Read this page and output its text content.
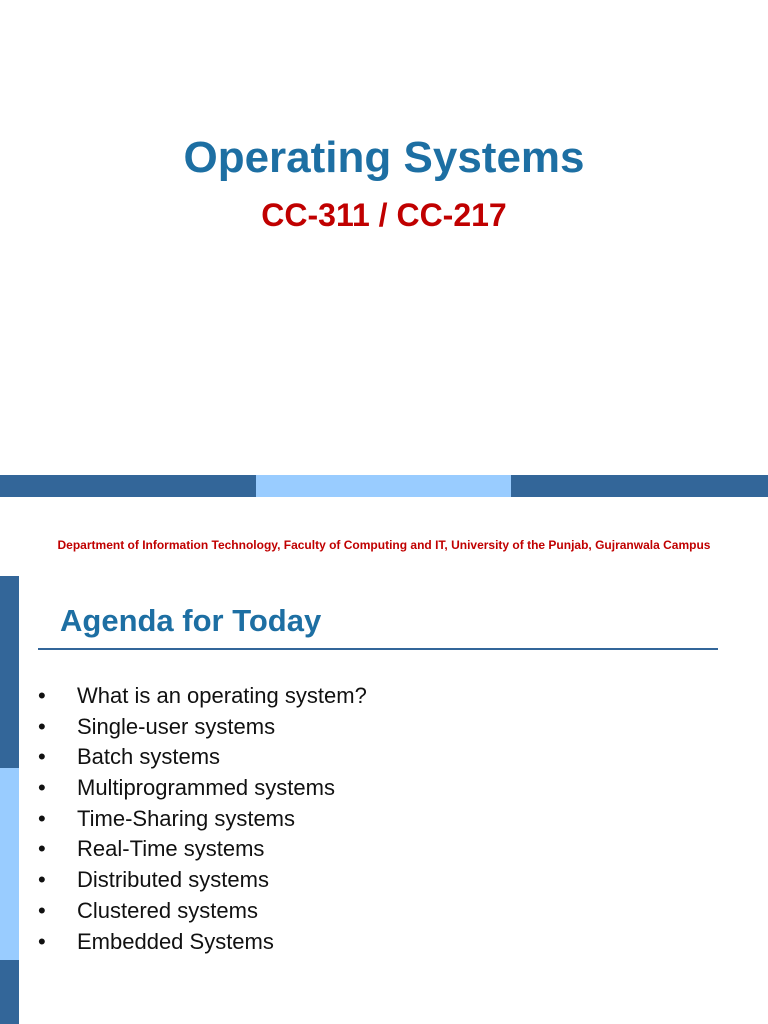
Operating Systems
CC-311 / CC-217
Department of Information Technology, Faculty of Computing and IT, University of the Punjab, Gujranwala Campus
Agenda for Today
•	What is an operating system?
•	Single-user systems
•	Batch systems
•	Multiprogrammed systems
•	Time-Sharing systems
•	Real-Time systems
•	Distributed systems
•	Clustered systems
•	Embedded Systems
